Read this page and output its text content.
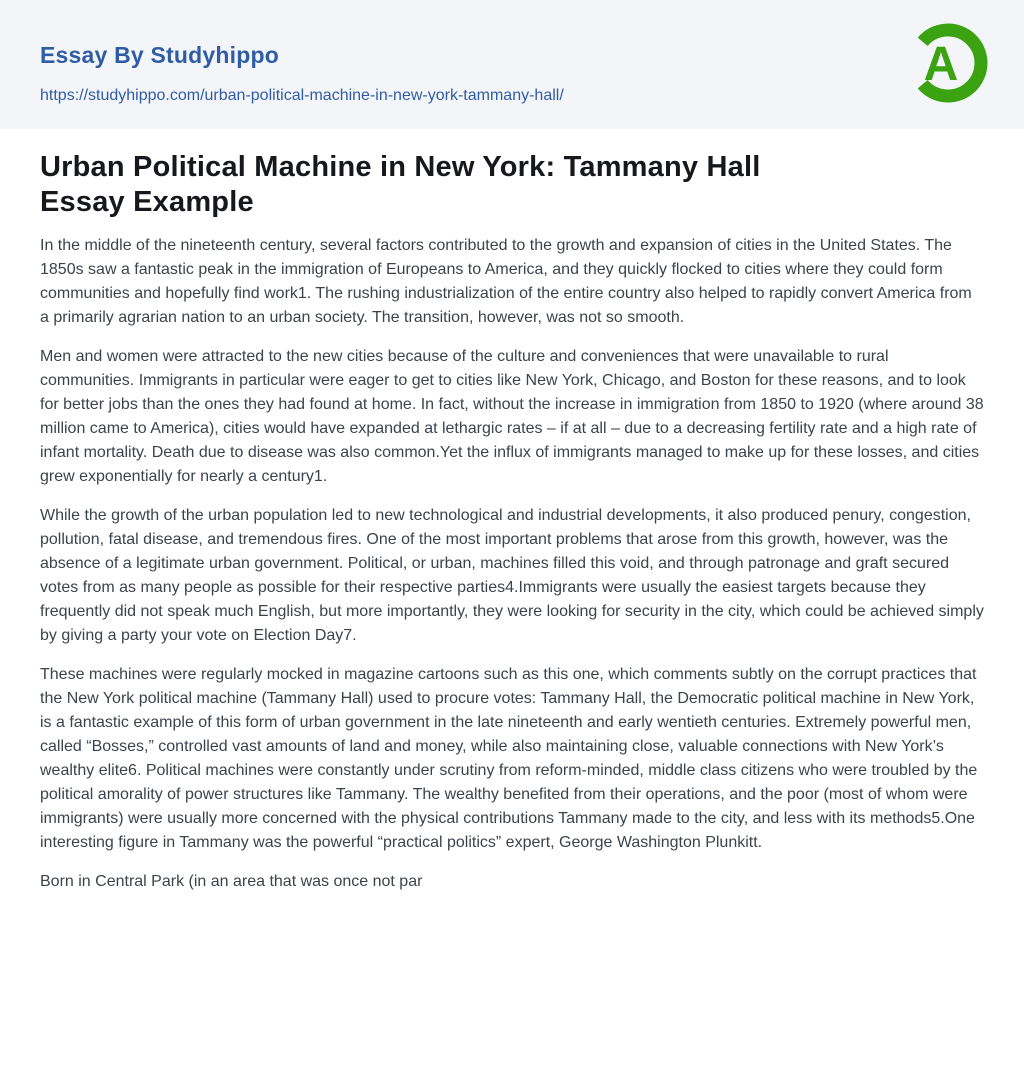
Essay By Studyhippo
https://studyhippo.com/urban-political-machine-in-new-york-tammany-hall/
A
Urban Political Machine in New York: Tammany Hall Essay Example

In the middle of the nineteenth century, several factors contributed to the growth and expansion of cities in the United States. The 1850s saw a fantastic peak in the immigration of Europeans to America, and they quickly flocked to cities where they could form communities and hopefully find work1. The rushing industrialization of the entire country also helped to rapidly convert America from a primarily agrarian nation to an urban society. The transition, however, was not so smooth.

Men and women were attracted to the new cities because of the culture and conveniences that were unavailable to rural communities. Immigrants in particular were eager to get to cities like New York, Chicago, and Boston for these reasons, and to look for better jobs than the ones they had found at home. In fact, without the increase in immigration from 1850 to 1920 (where around 38 million came to America), cities would have expanded at lethargic rates – if at all – due to a decreasing fertility rate and a high rate of infant mortality. Death due to disease was also common.Yet the influx of immigrants managed to make up for these losses, and cities grew exponentially for nearly a century1.

While the growth of the urban population led to new technological and industrial developments, it also produced penury, congestion, pollution, fatal disease, and tremendous fires. One of the most important problems that arose from this growth, however, was the absence of a legitimate urban government. Political, or urban, machines filled this void, and through patronage and graft secured votes from as many people as possible for their respective parties4.Immigrants were usually the easiest targets because they frequently did not speak much English, but more importantly, they were looking for security in the city, which could be achieved simply by giving a party your vote on Election Day7.

These machines were regularly mocked in magazine cartoons such as this one, which comments subtly on the corrupt practices that the New York political machine (Tammany Hall) used to procure votes: Tammany Hall, the Democratic political machine in New York, is a fantastic example of this form of urban government in the late nineteenth and early wentieth centuries. Extremely powerful men, called “Bosses,” controlled vast amounts of land and money, while also maintaining close, valuable connections with New York’s wealthy elite6. Political machines were constantly under scrutiny from reform-minded, middle class citizens who were troubled by the political amorality of power structures like Tammany. The wealthy benefited from their operations, and the poor (most of whom were immigrants) were usually more concerned with the physical contributions Tammany made to the city, and less with its methods5.One interesting figure in Tammany was the powerful “practical politics” expert, George Washington Plunkitt.

Born in Central Park (in an area that was once not par
